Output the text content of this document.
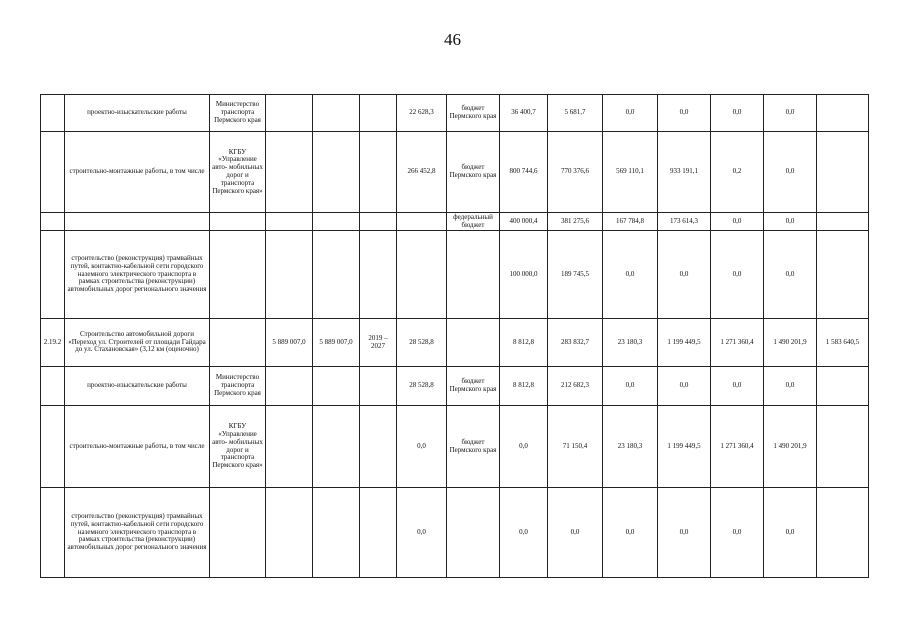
46
	проектно-изыскательские работы	Министерство транспорта Пермского края				22 628,3	бюджет Пермского края	36 400,7	5 681,7	0,0	0,0	0,0	0,0	
	строительно-монтажные работы, в том числе	КГБУ «Управление авто- мобильных дорог и транспорта Пермского края»				266 452,8	бюджет Пермского края	800 744,6	770 376,6	569 110,1	933 191,1	0,2	0,0	
							федеральный бюджет	400 000,4	381 275,6	167 784,8	173 614,3	0,0	0,0	
	строительство (реконструкция) трамвайных путей, контактно-кабельной сети городского наземного электрического транспорта в рамках строительства (реконструкции) автомобильных дорог регионального значения							100 000,0	189 745,5	0,0	0,0	0,0	0,0	
2.19.2	Строительство автомобильной дороги «Переход ул. Строителей от площади Гайдара до ул. Стахановская» (3,12 км (оценочно)		5 889 007,0	5 889 007,0	2019 – 2027	28 528,8		8 812,8	283 832,7	23 180,3	1 199 449,5	1 271 360,4	1 490 201,9	1 583 640,5
	проектно-изыскательские работы	Министерство транспорта Пермского края				28 528,8	бюджет Пермского края	8 812,8	212 682,3	0,0	0,0	0,0	0,0	
	строительно-монтажные работы, в том числе	КГБУ «Управление авто- мобильных дорог и транспорта Пермского края»				0,0	бюджет Пермского края	0,0	71 150,4	23 180,3	1 199 449,5	1 271 360,4	1 490 201,9	
	строительство (реконструкция) трамвайных путей, контактно-кабельной сети городского наземного электрического транспорта в рамках строительства (реконструкции) автомобильных дорог регионального значения					0,0		0,0	0,0	0,0	0,0	0,0	0,0	
